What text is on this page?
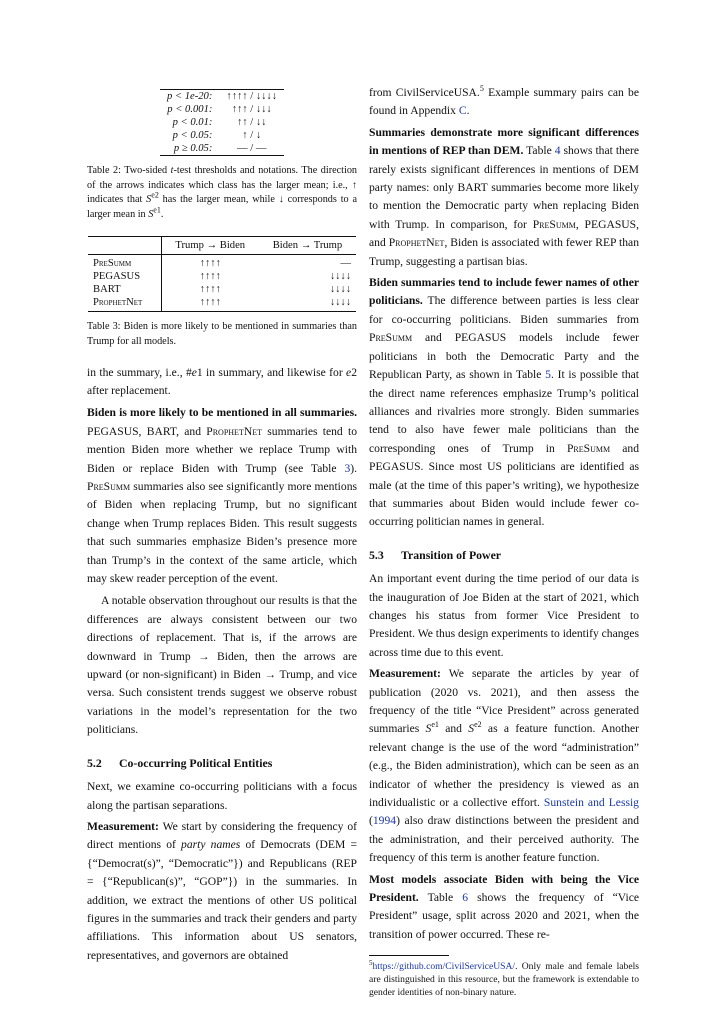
p < 1e-20:	↑↑↑↑ / ↓↓↓↓
p < 0.001:	↑↑↑ / ↓↓↓
p < 0.01:	↑↑ / ↓↓
p < 0.05:	↑ / ↓
p ≥ 0.05:	— / —
Table 2: Two-sided t-test thresholds and notations. The direction of the arrows indicates which class has the larger mean; i.e., ↑ indicates that $S^{e2}$ has the larger mean, while ↓ corresponds to a larger mean in $S^{e1}$.
	Trump → Biden	Biden → Trump
PreSumm	↑↑↑↑	—
PEGASUS	↑↑↑↑	↓↓↓↓
BART	↑↑↑↑	↓↓↓↓
ProphetNet	↑↑↑↑	↓↓↓↓
Table 3: Biden is more likely to be mentioned in summaries than Trump for all models.

in the summary, i.e., #e1 in summary, and likewise for e2 after replacement.

Biden is more likely to be mentioned in all summaries. PEGASUS, BART, and ProphetNet summaries tend to mention Biden more whether we replace Trump with Biden or replace Biden with Trump (see Table 3). PreSumm summaries also see significantly more mentions of Biden when replacing Trump, but no significant change when Trump replaces Biden. This result suggests that such summaries emphasize Biden’s presence more than Trump’s in the context of the same article, which may skew reader perception of the event.

A notable observation throughout our results is that the differences are always consistent between our two directions of replacement. That is, if the arrows are downward in Trump → Biden, then the arrows are upward (or non-significant) in Biden → Trump, and vice versa. Such consistent trends suggest we observe robust variations in the model’s representation for the two politicians.

5.2 Co-occurring Political Entities

Next, we examine co-occurring politicians with a focus along the partisan separations.

Measurement: We start by considering the frequency of direct mentions of party names of Democrats (DEM = {“Democrat(s)”, “Democratic”}) and Republicans (REP = {“Republican(s)”, “GOP”}) in the summaries. In addition, we extract the mentions of other US political figures in the summaries and track their genders and party affiliations. This information about US senators, representatives, and governors are obtained

from CivilServiceUSA.$^5$ Example summary pairs can be found in Appendix C.

Summaries demonstrate more significant differences in mentions of REP than DEM. Table 4 shows that there rarely exists significant differences in mentions of DEM party names: only BART summaries become more likely to mention the Democratic party when replacing Biden with Trump. In comparison, for PreSumm, PEGASUS, and ProphetNet, Biden is associated with fewer REP than Trump, suggesting a partisan bias.

Biden summaries tend to include fewer names of other politicians. The difference between parties is less clear for co-occurring politicians. Biden summaries from PreSumm and PEGASUS models include fewer politicians in both the Democratic Party and the Republican Party, as shown in Table 5. It is possible that the direct name references emphasize Trump’s political alliances and rivalries more strongly. Biden summaries tend to also have fewer male politicians than the corresponding ones of Trump in PreSumm and PEGASUS. Since most US politicians are identified as male (at the time of this paper’s writing), we hypothesize that summaries about Biden would include fewer co-occurring politician names in general.

5.3 Transition of Power

An important event during the time period of our data is the inauguration of Joe Biden at the start of 2021, which changes his status from former Vice President to President. We thus design experiments to identify changes across time due to this event.

Measurement: We separate the articles by year of publication (2020 vs. 2021), and then assess the frequency of the title “Vice President” across generated summaries $S^{e1}$ and $S^{e2}$ as a feature function. Another relevant change is the use of the word “administration” (e.g., the Biden administration), which can be seen as an indicator of whether the presidency is viewed as an individualistic or a collective effort. Sunstein and Lessig (1994) also draw distinctions between the president and the administration, and their perceived authority. The frequency of this term is another feature function.

Most models associate Biden with being the Vice President. Table 6 shows the frequency of “Vice President” usage, split across 2020 and 2021, when the transition of power occurred. These re-

$^5$https://github.com/CivilServiceUSA/. Only male and female labels are distinguished in this resource, but the framework is extendable to gender identities of non-binary nature.
